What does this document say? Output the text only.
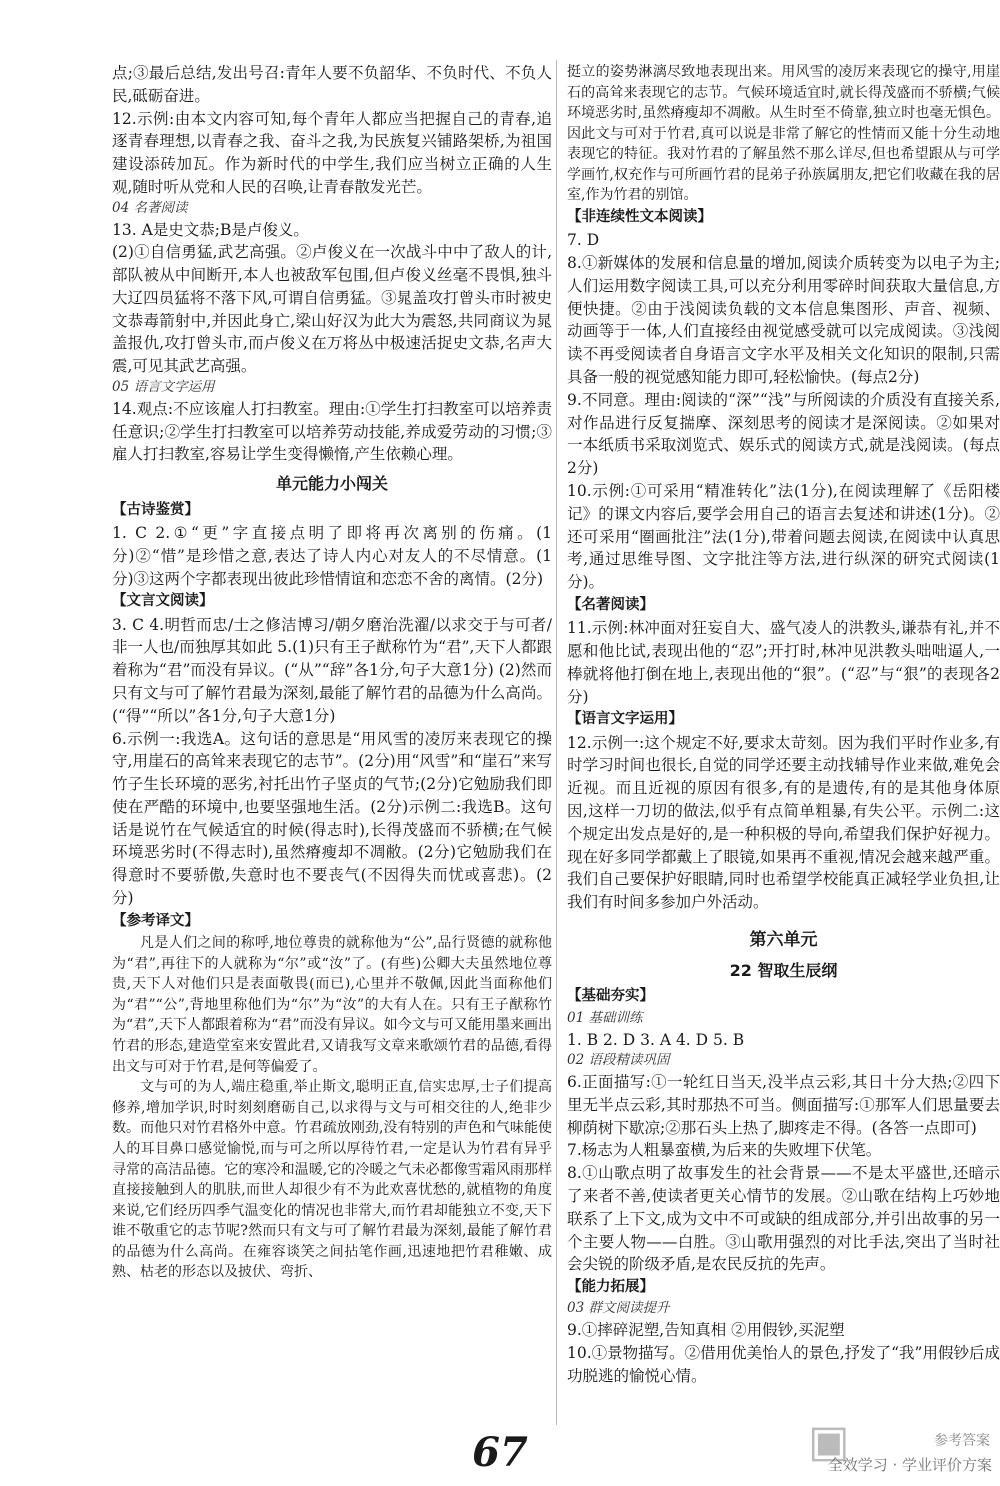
点;③最后总结,发出号召:青年人要不负韶华、不负时代、不负人民,砥砺奋进。

12.示例:由本文内容可知,每个青年人都应当把握自己的青春,追逐青春理想,以青春之我、奋斗之我,为民族复兴铺路架桥,为祖国建设添砖加瓦。作为新时代的中学生,我们应当树立正确的人生观,随时听从党和人民的召唤,让青春散发光芒。

04 名著阅读

13. A是史文恭;B是卢俊义。

(2)①自信勇猛,武艺高强。②卢俊义在一次战斗中中了敌人的计,部队被从中间断开,本人也被敌军包围,但卢俊义丝毫不畏惧,独斗大辽四员猛将不落下风,可谓自信勇猛。③晁盖攻打曾头市时被史文恭毒箭射中,并因此身亡,梁山好汉为此大为震怒,共同商议为晁盖报仇,攻打曾头市,而卢俊义在万将丛中极速活捉史文恭,名声大震,可见其武艺高强。

05 语言文字运用

14.观点:不应该雇人打扫教室。理由:①学生打扫教室可以培养责任意识;②学生打扫教室可以培养劳动技能,养成爱劳动的习惯;③雇人打扫教室,容易让学生变得懒惰,产生依赖心理。

单元能力小闯关

【古诗鉴赏】

1. C 2.①“更”字直接点明了即将再次离别的伤痛。(1分)②“惜”是珍惜之意,表达了诗人内心对友人的不尽情意。(1分)③这两个字都表现出彼此珍惜情谊和恋恋不舍的离情。(2分)

【文言文阅读】

3. C 4.明哲而忠/士之修洁博习/朝夕磨治洗濯/以求交于与可者/非一人也/而独厚其如此 5.(1)只有王子猷称竹为“君”,天下人都跟着称为“君”而没有异议。(“从”“辞”各1分,句子大意1分) (2)然而只有文与可了解竹君最为深刻,最能了解竹君的品德为什么高尚。(“得”“所以”各1分,句子大意1分)

6.示例一:我选A。这句话的意思是“用风雪的凌厉来表现它的操守,用崖石的高耸来表现它的志节”。(2分)用“风雪”和“崖石”来写竹子生长环境的恶劣,衬托出竹子坚贞的气节;(2分)它勉励我们即使在严酷的环境中,也要坚强地生活。(2分)示例二:我选B。这句话是说竹在气候适宜的时候(得志时),长得茂盛而不骄横;在气候环境恶劣时(不得志时),虽然瘠瘦却不凋敝。(2分)它勉励我们在得意时不要骄傲,失意时也不要丧气(不因得失而忧或喜悲)。(2分)

【参考译文】

凡是人们之间的称呼,地位尊贵的就称他为“公”,品行贤德的就称他为“君”,再往下的人就称为“尔”或“汝”了。(有些)公卿大夫虽然地位尊贵,天下人对他们只是表面敬畏(而已),心里并不敬佩,因此当面称他们为“君”“公”,背地里称他们为“尔”为“汝”的大有人在。只有王子猷称竹为“君”,天下人都跟着称为“君”而没有异议。如今文与可又能用墨来画出竹君的形态,建造堂室来安置此君,又请我写文章来歌颂竹君的品德,看得出文与可对于竹君,是何等偏爱了。

文与可的为人,端庄稳重,举止斯文,聪明正直,信实忠厚,士子们提高修养,增加学识,时时刻刻磨砺自己,以求得与文与可相交往的人,绝非少数。而他只对竹君格外中意。竹君疏放刚劲,没有特别的声色和气味能使人的耳目鼻口感觉愉悦,而与可之所以厚待竹君,一定是认为竹君有异乎寻常的高洁品德。它的寒冷和温暖,它的冷暖之气未必都像雪霜风雨那样直接接触到人的肌肤,而世人却很少有不为此欢喜忧愁的,就植物的角度来说,它们经历四季气温变化的情况也非常大,而竹君却能独立不变,天下谁不敬重它的志节呢?然而只有文与可了解竹君最为深刻,最能了解竹君的品德为什么高尚。在雍容谈笑之间拈笔作画,迅速地把竹君稚嫩、成熟、枯老的形态以及披伏、弯折、

挺立的姿势淋漓尽致地表现出来。用风雪的凌厉来表现它的操守,用崖石的高耸来表现它的志节。气候环境适宜时,就长得茂盛而不骄横;气候环境恶劣时,虽然瘠瘦却不凋敝。从生时至不倚靠,独立时也毫无惧色。因此文与可对于竹君,真可以说是非常了解它的性情而又能十分生动地表现它的特征。我对竹君的了解虽然不那么详尽,但也希望跟从与可学学画竹,权充作与可所画竹君的昆弟子孙族属朋友,把它们收藏在我的居室,作为竹君的别馆。

【非连续性文本阅读】

7. D

8.①新媒体的发展和信息量的增加,阅读介质转变为以电子为主;人们运用数字阅读工具,可以充分利用零碎时间获取大量信息,方便快捷。②由于浅阅读负载的文本信息集图形、声音、视频、动画等于一体,人们直接经由视觉感受就可以完成阅读。③浅阅读不再受阅读者自身语言文字水平及相关文化知识的限制,只需具备一般的视觉感知能力即可,轻松愉快。(每点2分)

9.不同意。理由:阅读的“深”“浅”与所阅读的介质没有直接关系,对作品进行反复揣摩、深刻思考的阅读才是深阅读。②如果对一本纸质书采取浏览式、娱乐式的阅读方式,就是浅阅读。(每点2分)

10.示例:①可采用“精准转化”法(1分),在阅读理解了《岳阳楼记》的课文内容后,要学会用自己的语言去复述和讲述(1分)。②还可采用“圈画批注”法(1分),带着问题去阅读,在阅读中认真思考,通过思维导图、文字批注等方法,进行纵深的研究式阅读(1分)。

【名著阅读】

11.示例:林冲面对狂妄自大、盛气凌人的洪教头,谦恭有礼,并不愿和他比试,表现出他的“忍”;开打时,林冲见洪教头咄咄逼人,一棒就将他打倒在地上,表现出他的“狠”。(“忍”与“狠”的表现各2分)

【语言文字运用】

12.示例一:这个规定不好,要求太苛刻。因为我们平时作业多,有时学习时间也很长,自觉的同学还要主动找辅导作业来做,难免会近视。而且近视的原因有很多,有的是遗传,有的是其他身体原因,这样一刀切的做法,似乎有点简单粗暴,有失公平。示例二:这个规定出发点是好的,是一种积极的导向,希望我们保护好视力。现在好多同学都戴上了眼镜,如果再不重视,情况会越来越严重。我们自己要保护好眼睛,同时也希望学校能真正减轻学业负担,让我们有时间多参加户外活动。

第六单元
22 智取生辰纲

【基础夯实】

01 基础训练

1. B 2. D 3. A 4. D 5. B

02 语段精读巩固

6.正面描写:①一轮红日当天,没半点云彩,其日十分大热;②四下里无半点云彩,其时那热不可当。侧面描写:①那军人们思量要去柳荫树下歇凉;②那石头上热了,脚疼走不得。(各答一点即可)

7.杨志为人粗暴蛮横,为后来的失败埋下伏笔。

8.①山歌点明了故事发生的社会背景——不是太平盛世,还暗示了来者不善,使读者更关心情节的发展。②山歌在结构上巧妙地联系了上下文,成为文中不可或缺的组成部分,并引出故事的另一个主要人物——白胜。③山歌用强烈的对比手法,突出了当时社会尖锐的阶级矛盾,是农民反抗的先声。

【能力拓展】

03 群文阅读提升

9.①摔碎泥塑,告知真相 ②用假钞,买泥塑

10.①景物描写。②借用优美怡人的景色,抒发了“我”用假钞后成功脱逃的愉悦心情。

67	▣	参考答案
全效学习 · 学业评价方案
